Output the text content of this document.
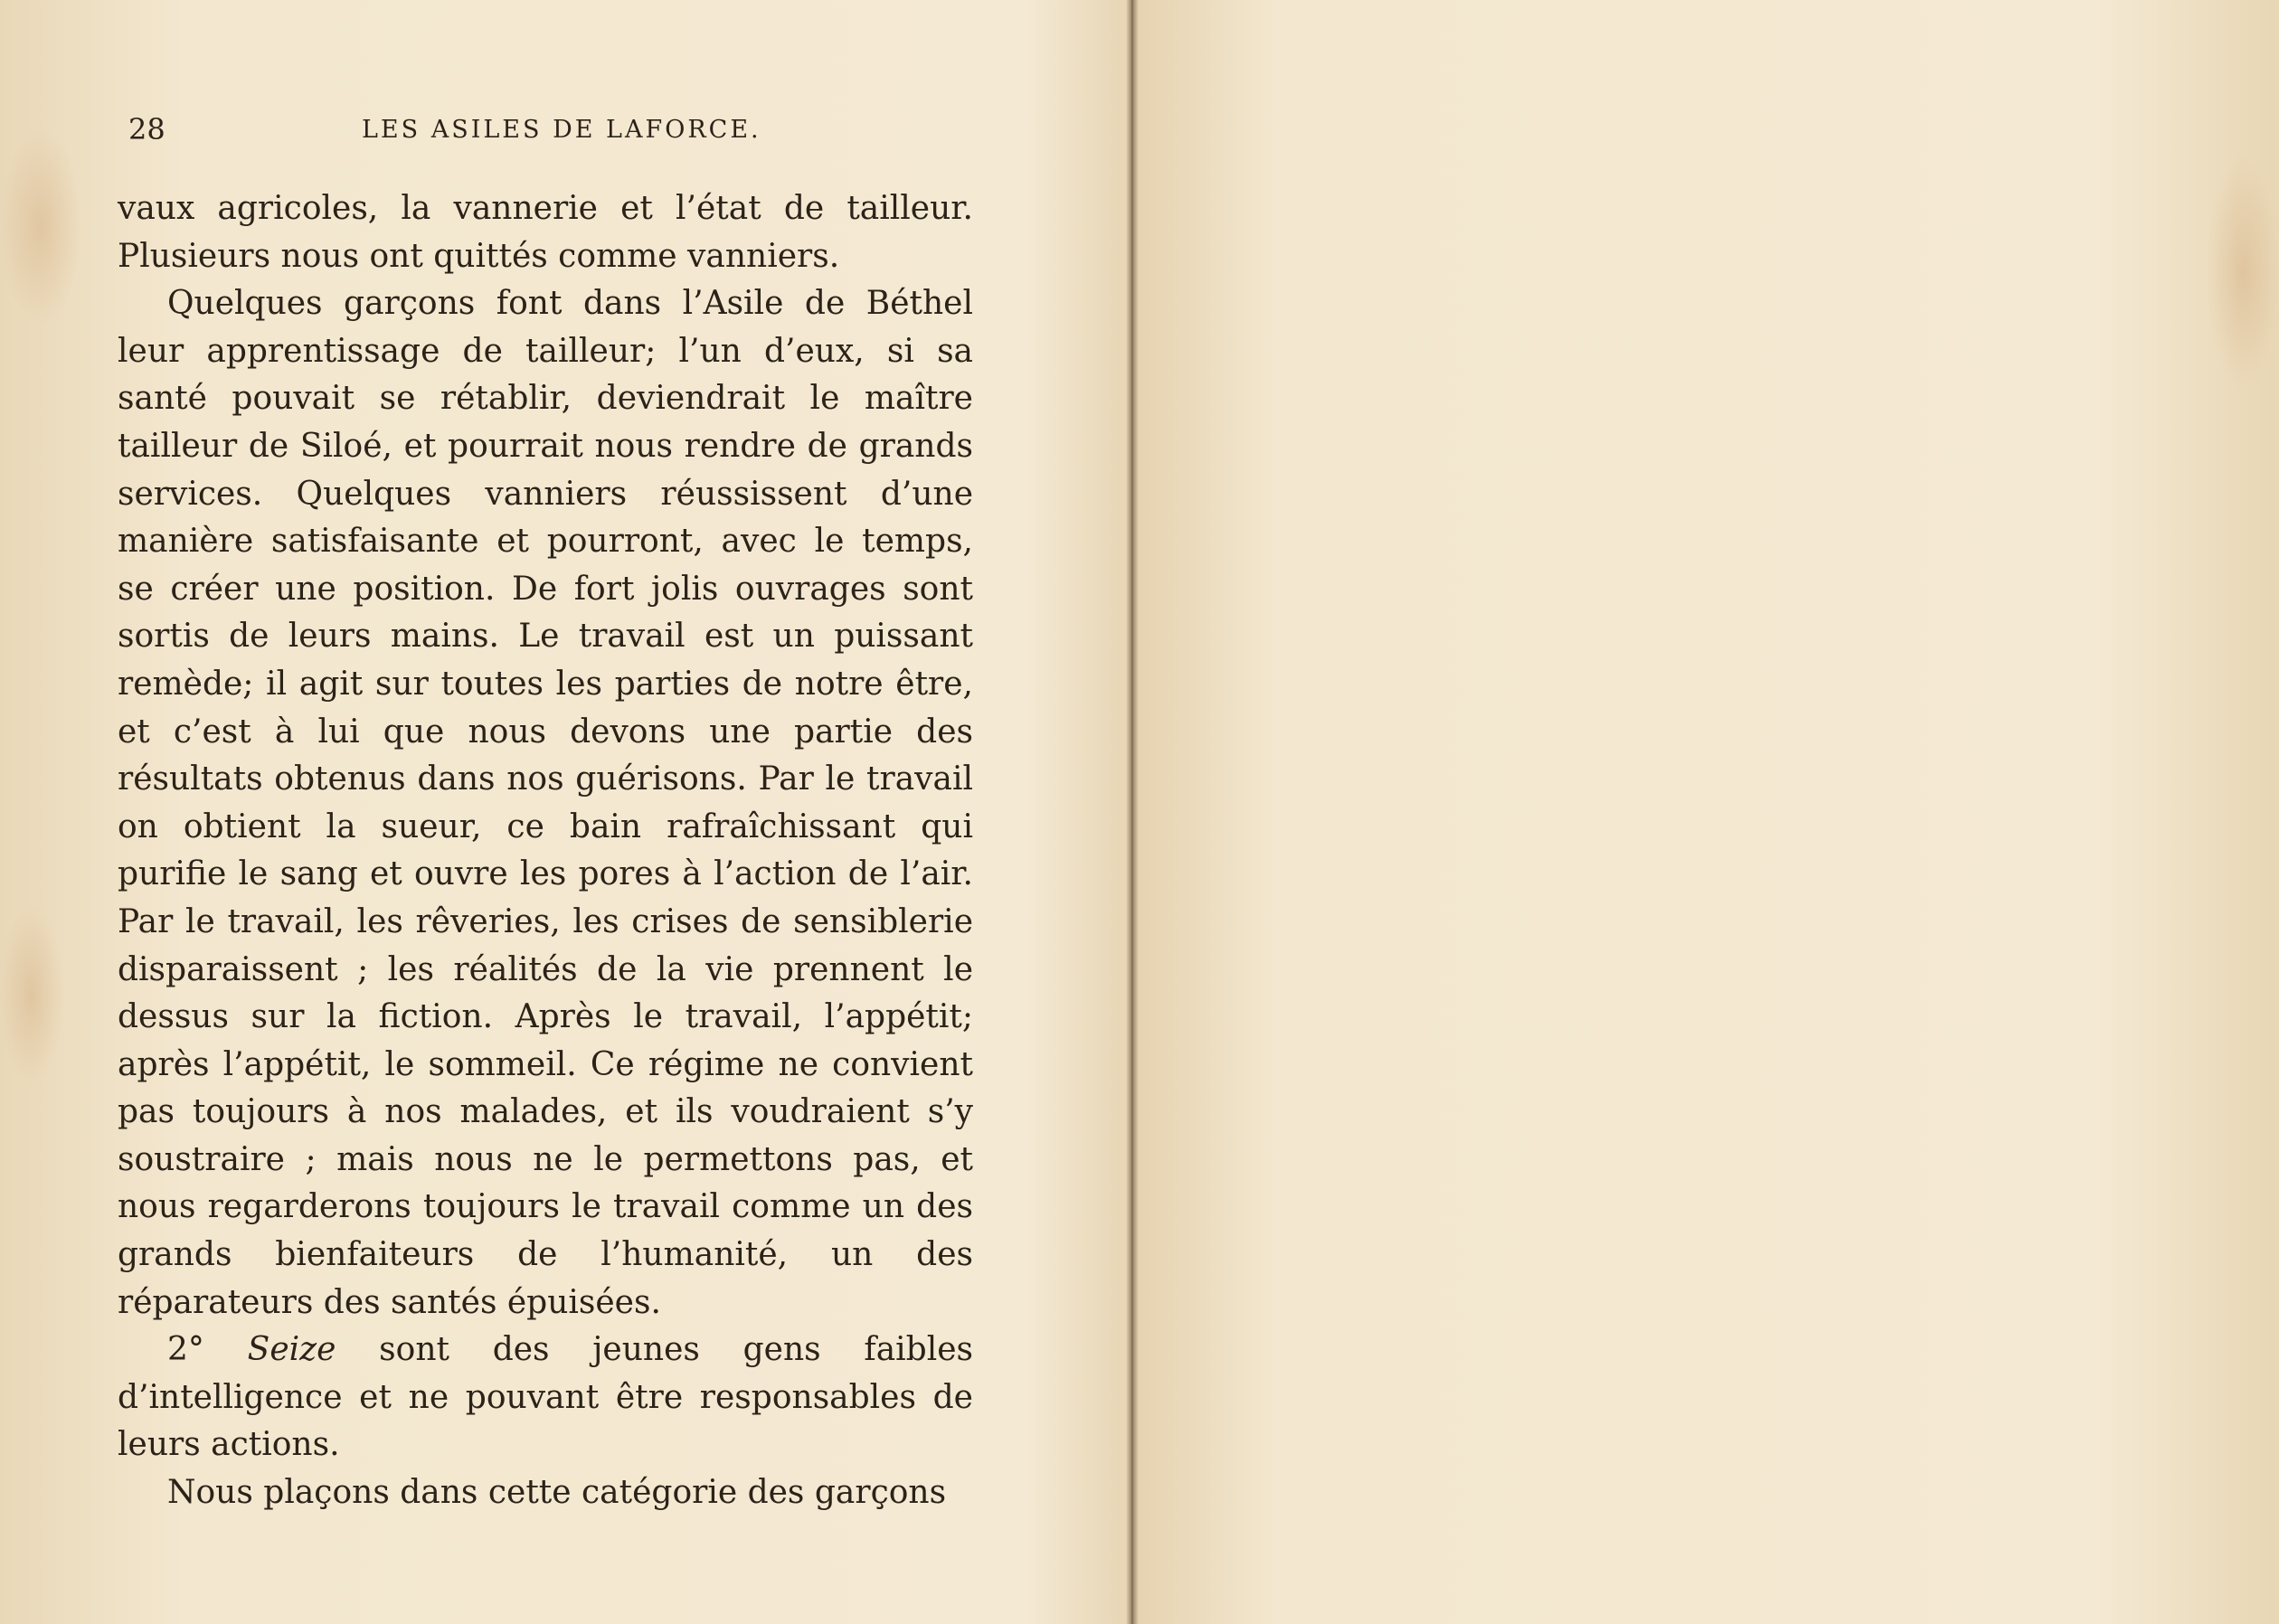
28	LES ASILES DE LAFORCE.

vaux agricoles, la vannerie et l’état de tailleur. Plusieurs nous ont quittés comme vanniers.

Quelques garçons font dans l’Asile de Béthel leur apprentissage de tailleur; l’un d’eux, si sa santé pouvait se rétablir, deviendrait le maître tailleur de Siloé, et pourrait nous rendre de grands services. Quelques vanniers réussissent d’une manière satisfaisante et pourront, avec le temps, se créer une position. De fort jolis ouvrages sont sortis de leurs mains. Le travail est un puissant remède; il agit sur toutes les parties de notre être, et c’est à lui que nous devons une partie des résultats obtenus dans nos guérisons. Par le travail on obtient la sueur, ce bain rafraîchissant qui purifie le sang et ouvre les pores à l’action de l’air. Par le travail, les rêveries, les crises de sensiblerie disparaissent ; les réalités de la vie prennent le dessus sur la fiction. Après le travail, l’appétit; après l’appétit, le sommeil. Ce régime ne convient pas toujours à nos malades, et ils voudraient s’y soustraire ; mais nous ne le permettons pas, et nous regarderons toujours le travail comme un des grands bienfaiteurs de l’humanité, un des réparateurs des santés épuisées.

2° Seize sont des jeunes gens faibles d’intelligence et ne pouvant être responsables de leurs actions.

Nous plaçons dans cette catégorie des garçons
